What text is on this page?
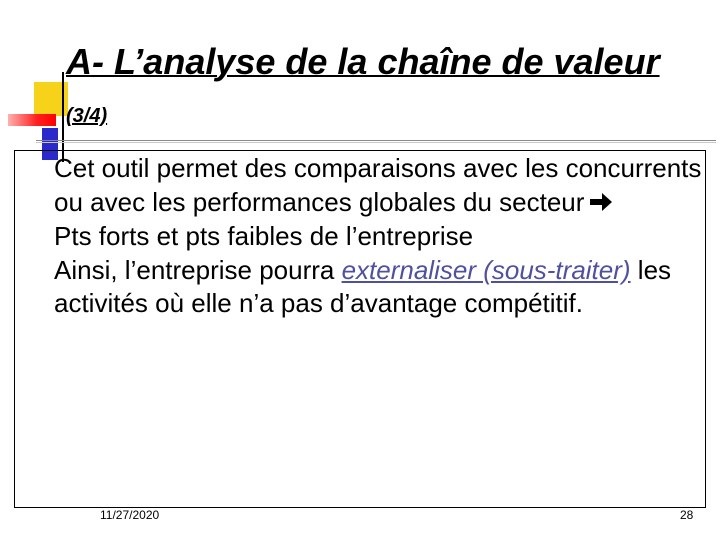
A- L’analyse de la chaîne de valeur (3/4)

Cet outil permet des comparaisons avec les concurrents ou avec les performances globales du secteur

Pts forts et pts faibles de l’entreprise

Ainsi, l’entreprise pourra externaliser (sous-traiter) les activités où elle n’a pas d’avantage compétitif.

11/27/2020	28
